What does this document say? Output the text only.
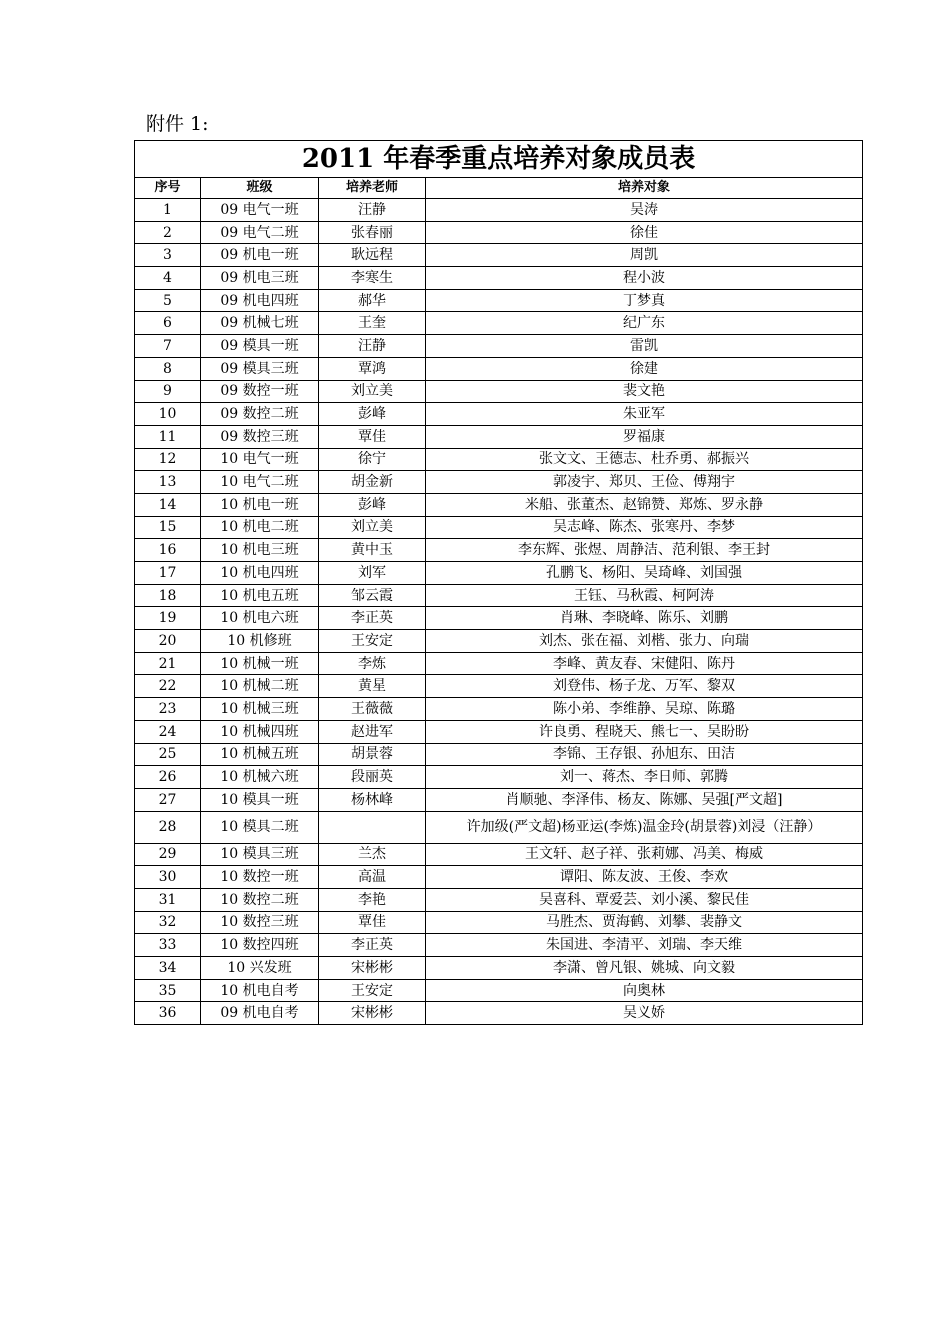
附件 1:
2011 年春季重点培养对象成员表			
序号	班级	培养老师	培养对象
1	09 电气一班	汪静	吴涛
2	09 电气二班	张春丽	徐佳
3	09 机电一班	耿远程	周凯
4	09 机电三班	李寒生	程小波
5	09 机电四班	郝华	丁梦真
6	09 机械七班	王奎	纪广东
7	09 模具一班	汪静	雷凯
8	09 模具三班	覃鸿	徐建
9	09 数控一班	刘立美	裴文艳
10	09 数控二班	彭峰	朱亚军
11	09 数控三班	覃佳	罗福康
12	10 电气一班	徐宁	张文文、王德志、杜乔勇、郝振兴
13	10 电气二班	胡金新	郭凌宇、郑贝、王俭、傅翔宇
14	10 机电一班	彭峰	米船、张董杰、赵锦赞、郑炼、罗永静
15	10 机电二班	刘立美	吴志峰、陈杰、张寒丹、李梦
16	10 机电三班	黄中玉	李东辉、张煜、周静洁、范利银、李王封
17	10 机电四班	刘军	孔鹏飞、杨阳、吴琦峰、刘国强
18	10 机电五班	邹云霞	王钰、马秋霞、柯阿涛
19	10 机电六班	李正英	肖琳、李晓峰、陈乐、刘鹏
20	10 机修班	王安定	刘杰、张在福、刘楷、张力、向瑞
21	10 机械一班	李炼	李峰、黄友春、宋健阳、陈丹
22	10 机械二班	黄星	刘登伟、杨子龙、万军、黎双
23	10 机械三班	王薇薇	陈小弟、李维静、吴琼、陈璐
24	10 机械四班	赵进军	许良勇、程晓天、熊七一、吴盼盼
25	10 机械五班	胡景蓉	李锦、王存银、孙旭东、田洁
26	10 机械六班	段丽英	刘一、蒋杰、李日师、郭腾
27	10 模具一班	杨林峰	肖顺驰、李泽伟、杨友、陈娜、吴强[严文超]
28	10 模具二班		许加级(严文超)杨亚运(李炼)温金玲(胡景蓉)刘浸（汪静）
29	10 模具三班	兰杰	王文轩、赵子祥、张莉娜、冯美、梅威
30	10 数控一班	高温	谭阳、陈友波、王俊、李欢
31	10 数控二班	李艳	吴喜科、覃爱芸、刘小溪、黎民佳
32	10 数控三班	覃佳	马胜杰、贾海鹤、刘攀、裴静文
33	10 数控四班	李正英	朱国进、李清平、刘瑞、李天维
34	10 兴发班	宋彬彬	李潇、曾凡银、姚城、向文毅
35	10 机电自考	王安定	向奥林
36	09 机电自考	宋彬彬	吴义娇
